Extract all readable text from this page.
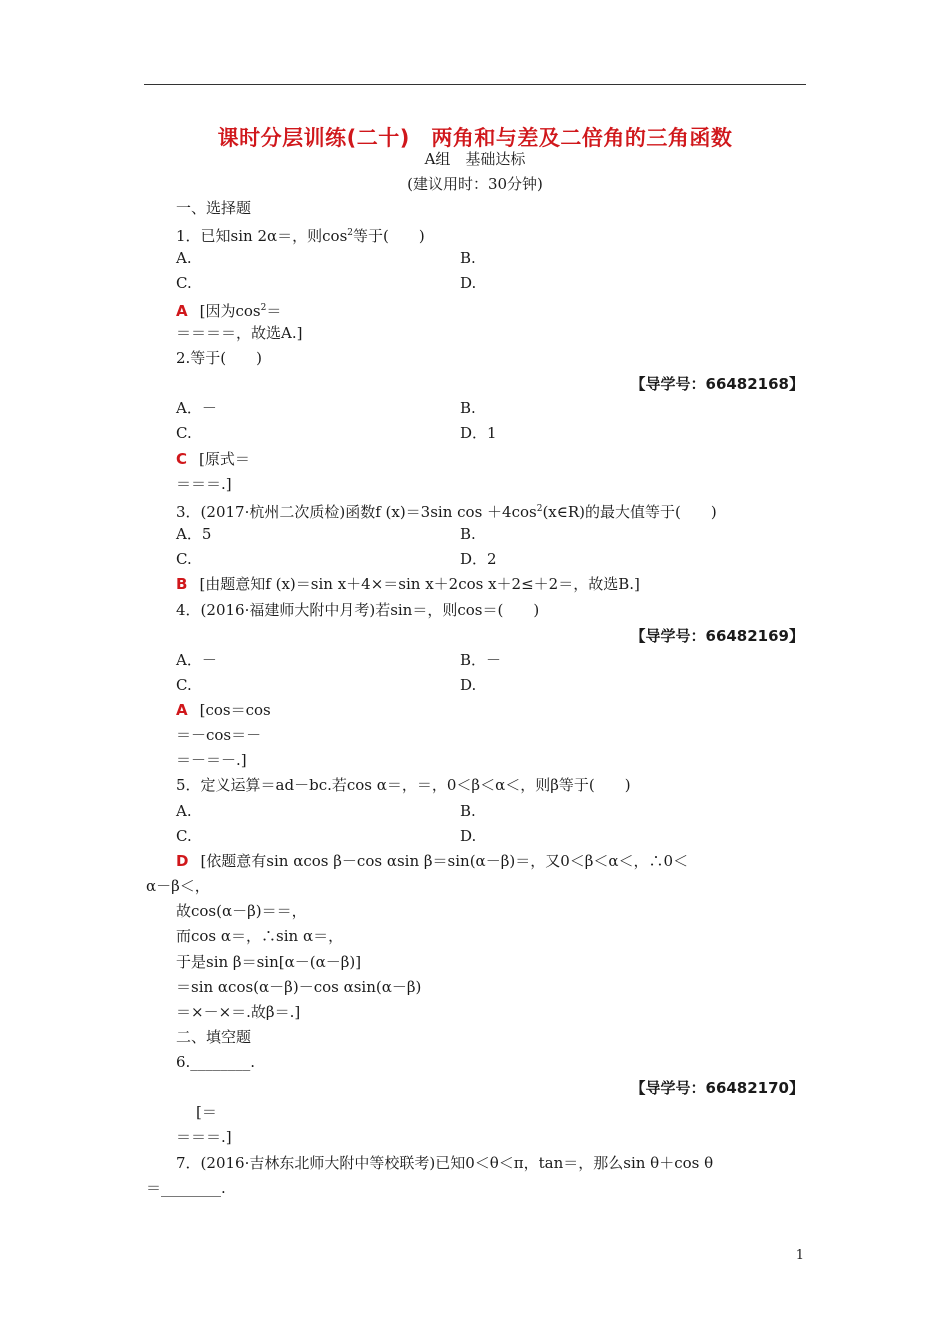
课时分层训练(二十)　两角和与差及二倍角的三角函数
A组　基础达标
(建议用时：30分钟)
一、选择题
1．已知sin 2α＝，则$\cos^2$等于(　　)
A.	B.
C.	D.
A [因为$\cos^2=$
＝＝＝＝，故选A.]
2.等于(　　)
【导学号：66482168】
A．－	B.
C.	D．1
C [原式＝
＝＝＝.]
3．(2017·杭州二次质检)函数f (x)＝3sin $\cos +4\cos^2(x\in R)$的最大值等于(　　)
A．5	B.
C.	D．2
B [由题意知f (x)＝sin x＋4×＝sin x＋2cos x＋2≤＋2＝，故选B.]
4．(2016·福建师大附中月考)若sin＝，则cos＝(　　)
【导学号：66482169】
A．－	B．－
C.	D.
A [cos＝cos
＝－cos＝－
＝－＝－.]
5．定义运算＝ad－bc.若cos α＝，＝，0＜β＜α＜，则β等于(　　)
A.	B.
C.	D.
D [依题意有sin αcos β－cos αsin β＝sin(α－β)＝，又0＜β＜α＜，∴0＜
α－β＜，
故cos(α－β)＝＝，
而cos α＝，∴sin α＝，
于是sin β＝sin[α－(α－β)]
＝sin αcos(α－β)－cos αsin(α－β)
＝×－×＝.故β＝.]
二、填空题
6.________.
【导学号：66482170】
[＝
＝＝＝.]
7．(2016·吉林东北师大附中等校联考)已知0＜θ＜π，tan＝，那么sin θ＋cos θ
＝________.
1
